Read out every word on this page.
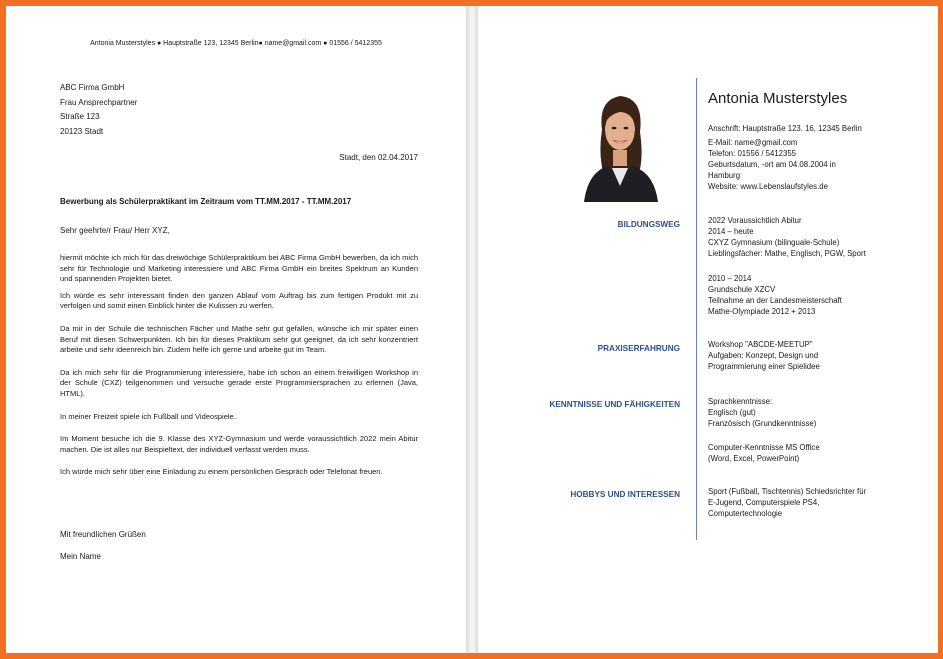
Antonia Musterstyles ● Hauptstraße 123, 12345 Berlin● name@gmail.com ● 01556 / 5412355
ABC Firma GmbH
Frau Ansprechpartner
Straße 123
20123 Stadt
Stadt, den 02.04.2017
Bewerbung als Schülerpraktikant im Zeitraum vom TT.MM.2017 - TT.MM.2017
Sehr geehrte/r Frau/ Herr XYZ,

hiermit möchte ich mich für das dreiwöchige Schülerpraktikum bei ABC Firma GmbH bewerben, da ich mich sehr für Technologie und Marketing interessiere und ABC Firma GmbH ein breites Spektrum an Kunden und spannenden Projekten bietet.

Ich würde es sehr interessant finden den ganzen Ablauf vom Auftrag bis zum fertigen Produkt mit zu verfolgen und somit einen Einblick hinter die Kulissen zu werfen.

Da mir in der Schule die technischen Fächer und Mathe sehr gut gefallen, wünsche ich mir später einen Beruf mit diesen Schwerpunkten. Ich bin für dieses Praktikum sehr gut geeignet, da ich sehr konzentriert arbeite und sehr ideenreich bin. Zudem helfe ich gerne und arbeite gut im Team.

Da ich mich sehr für die Programmierung interessiere, habe ich schon an einem freiwilligen Workshop in der Schule (CXZ) teilgenommen und versuche gerade erste Programmiersprachen zu erlernen (Java, HTML).

In meiner Freizeit spiele ich Fußball und Videospiele.

Im Moment besuche ich die 9. Klasse des XYZ-Gymnasium und werde voraussichtlich 2022 mein Abitur machen. Die ist alles nur Beispieltext, der individuell verfasst werden muss.

Ich würde mich sehr über eine Einladung zu einem persönlichen Gespräch oder Telefonat freuen.

Mit freundlichen Grüßen
Mein Name
Antonia Musterstyles
Anschrift: Hauptstraße 123. 16, 12345 Berlin
E-Mail: name@gmail.com
Telefon: 01556 / 5412355
Geburtsdatum, -ort am 04.08.2004 in
Hamburg
Website: www.Lebenslaufstyles.de
BILDUNGSWEG	2022 Voraussichtlich Abitur
2014 – heute
CXYZ Gymnasium (bilinguale-Schule)
Lieblingsfächer: Mathe, Englisch, PGW, Sport
2010 – 2014
Grundschule XZCV
Teilnahme an der Landesmeisterschaft
Mathe-Olympiade 2012 + 2013
PRAXISERFAHRUNG	Workshop "ABCDE-MEETUP"
Aufgaben: Konzept, Design und
Programmierung einer Spielidee
KENNTNISSE UND FÄHIGKEITEN	Sprachkenntnisse:
Englisch (gut)
Französisch (Grundkenntnisse)
Computer-Kenntnisse MS Office
(Word, Excel, PowerPoint)
HOBBYS UND INTERESSEN	Sport (Fußball, Tischtennis) Schiedsrichter für
E-Jugend, Computerspiele PS4,
Computertechnologie
